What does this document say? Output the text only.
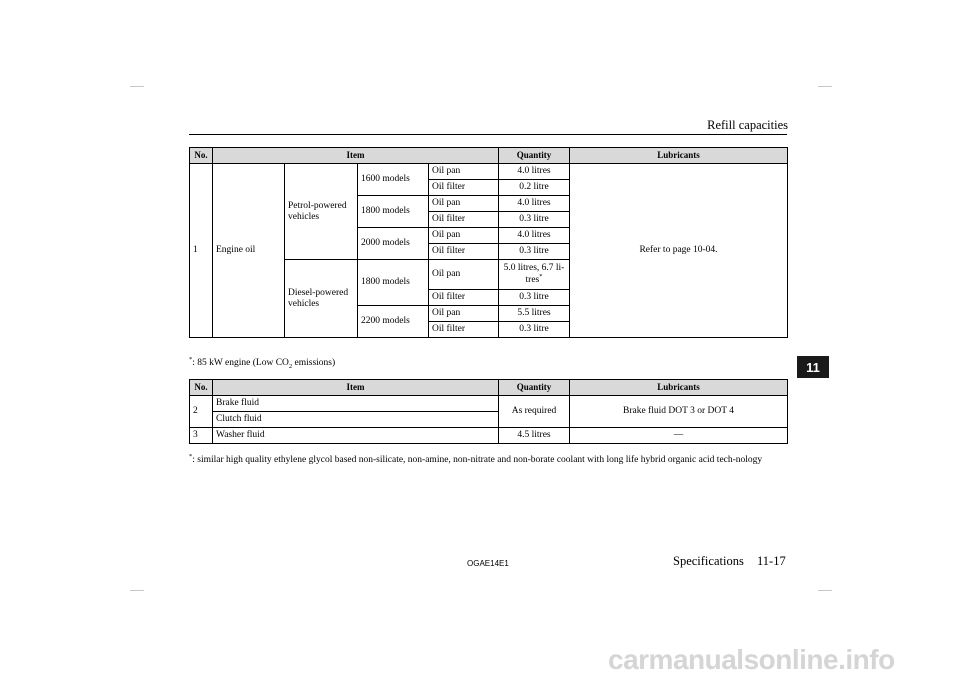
Refill capacities
11
No.	Item				Quantity	Lubricants
1	Engine oil	Petrol-powered vehicles	1600 models	Oil pan	4.0 litres	Refer to page 10-04.
				Oil filter	0.2 litre	
			1800 models	Oil pan	4.0 litres	
				Oil filter	0.3 litre	
			2000 models	Oil pan	4.0 litres	
				Oil filter	0.3 litre	
		Diesel-powered vehicles	1800 models	Oil pan	5.0 litres, 6.7 li-tres*
				Oil filter	0.3 litre	
			2200 models	Oil pan	5.5 litres	
				Oil filter	0.3 litre	
*: 85 kW engine (Low $CO_2$ emissions)
No.	Item	Quantity	Lubricants
2	Brake fluid	As required	Brake fluid DOT 3 or DOT 4
	Clutch fluid		
3	Washer fluid	4.5 litres	—
*: similar high quality ethylene glycol based non-silicate, non-amine, non-nitrate and non-borate coolant with long life hybrid organic acid tech-nology
OGAE14E1	Specifications 11-17
carmanualsonline.info
